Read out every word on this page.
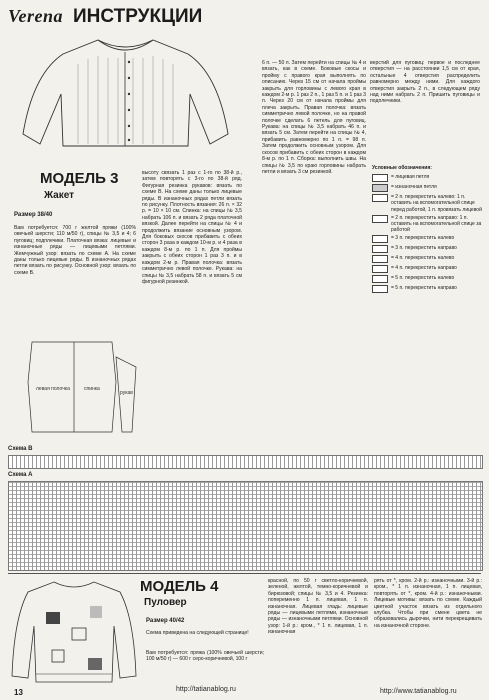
Verena ИНСТРУКЦИИ
МОДЕЛЬ 3
Жакет
Размер 38/40
Вам потребуется: 700 г желтой пряжи (100% овечьей шерсти; 110 м/50 г), спицы № 3,5 и 4; 6 пуговиц; подплечики. Платочная вязка: лицевые и изнаночные ряды — лицевыми петлями. Жемчужный узор: вязать по схеме A. На схеме даны только лицевые ряды. В изнаночных рядах петли вязать по рисунку. Основной узор: вязать по схеме B.
высоту связать 1 раз с 1-го по 38-й р., затем повторять с 3-го по 38-й ряд. Фигурная резинка рукавов: вязать по схеме В. На схеме даны только лицевые ряды. В изнаночных рядах петли вязать по рисунку. Плотность вязания: 26 п. × 32 р. = 10 × 10 см. Спинка: на спицы № 3,5 набрать 106 п. и вязать 2 ряда платочной вязкой. Далее перейти на спицы № 4 и продолжить вязание основным узором. Для боковых скосов прибавить с обеих сторон 3 раза в каждом 10-м р. и 4 раза в каждом 8-м р. по 1 п. Для проймы закрыть с обеих сторон 1 раз 3 п. и в каждом 2-м р. Правая полочка: вязать симметрично левой полочке. Рукава: на спицы № 3,5 набрать 58 п. и вязать 5 см фигурной резинкой.
6 п. — 50 п. Затем перейти на спицы № 4 и вязать, как в схеме. Боковые скосы и пройму с правого края выполнять по описанию. Через 15 см от начала проймы закрыть для горловины с левого края в каждом 2-м р. 1 раз 2 п., 1 раз 5 п. и 1 раз 3 п. Через 20 см от начала проймы для плеча закрыть. Правая полочка: вязать симметрично левой полочке, но на правой полочке сделать 6 петель для пуговиц. Рукава: на спицы № 3,5 набрать 46 п. и вязать 5 см. Затем перейти на спицы № 4, прибавить равномерно по 1 п. = 98 п. Затем продолжить основным узором. Для скосов прибавить с обеих сторон в каждом 8-м р. по 1 п. Сборка: выполнить швы. На спицы № 3,5 по краю горловины набрать петли и вязать 3 см резинкой.
верстий для пуговиц: первое и последнее отверстия — на расстоянии 1,5 см от края, остальные 4 отверстия распределить равномерно между ними. Для каждого отверстия закрыть 2 п., в следующем ряду над ними набрать 2 п. Пришить пуговицы и подплечники.
Условные обозначения:
= лицевая петля
= изнаночная петля
= 2 п. перекрестить налево: 1 п. оставить на вспомогательной спице перед работой, 1 п. провязать лицевой
= 2 п. перекрестить направо: 1 п. оставить на вспомогательной спице за работой
= 3 п. перекрестить налево
= 3 п. перекрестить направо
= 4 п. перекрестить налево
= 4 п. перекрестить направо
= 5 п. перекрестить налево
= 5 п. перекрестить направо
левая полочка	спинка
рукав
Схема B
Схема A
МОДЕЛЬ 4
Пуловер
Размер 40/42
Схема приведена на следующей странице!
Вам потребуется: пряжа (100% овечьей шерсти; 100 м/50 г) — 600 г серо-коричневой, 100 г
красной, по 50 г светло-коричневой, зеленой, желтой, темно-коричневой и бирюзовой; спицы № 3,5 и 4. Резинка: попеременно 1 п. лицевая, 1 п. изнаночная. Лицевая гладь: лицевые ряды — лицевыми петлями, изнаночные ряды — изнаночными петлями. Основной узор: 1-й р.: кром., * 1 п. лицевая, 1 п. изнаночная
рять от *, кром. 2-й р.: изнаночными. 3-й р.: кром., * 1 п. изнаночная, 1 п. лицевая, повторять от *, кром. 4-й р.: изнаночными. Лицевые мотивы: вязать по схеме. Каждый цветной участок вязать из отдельного клубка. Чтобы при смене цвета не образовались дырочки, нити перекрещивать на изнаночной стороне.
http://tatianablog.ru	http://www.tatianablog.ru
13
